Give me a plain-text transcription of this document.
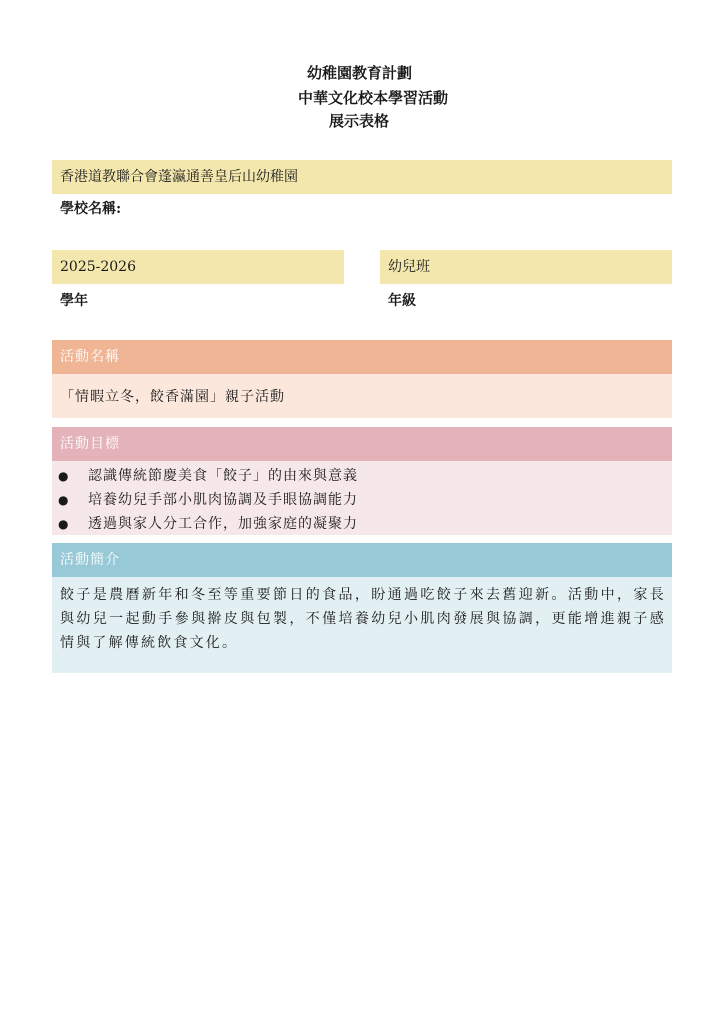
幼稚園教育計劃
中華文化校本學習活動
展示表格
香港道教聯合會蓬瀛通善皇后山幼稚園
學校名稱:
2025-2026
學年
幼兒班
年級
活動名稱
「情暇立冬，餃香滿園」親子活動
活動目標
● 認識傳統節慶美食「餃子」的由來與意義
● 培養幼兒手部小肌肉協調及手眼協調能力
● 透過與家人分工合作，加強家庭的凝聚力
活動簡介
餃子是農曆新年和冬至等重要節日的食品，盼通過吃餃子來去舊迎新。活動中，家長與幼兒一起動手參與擀皮與包製，不僅培養幼兒小肌肉發展與協調，更能增進親子感情與了解傳統飲食文化。
